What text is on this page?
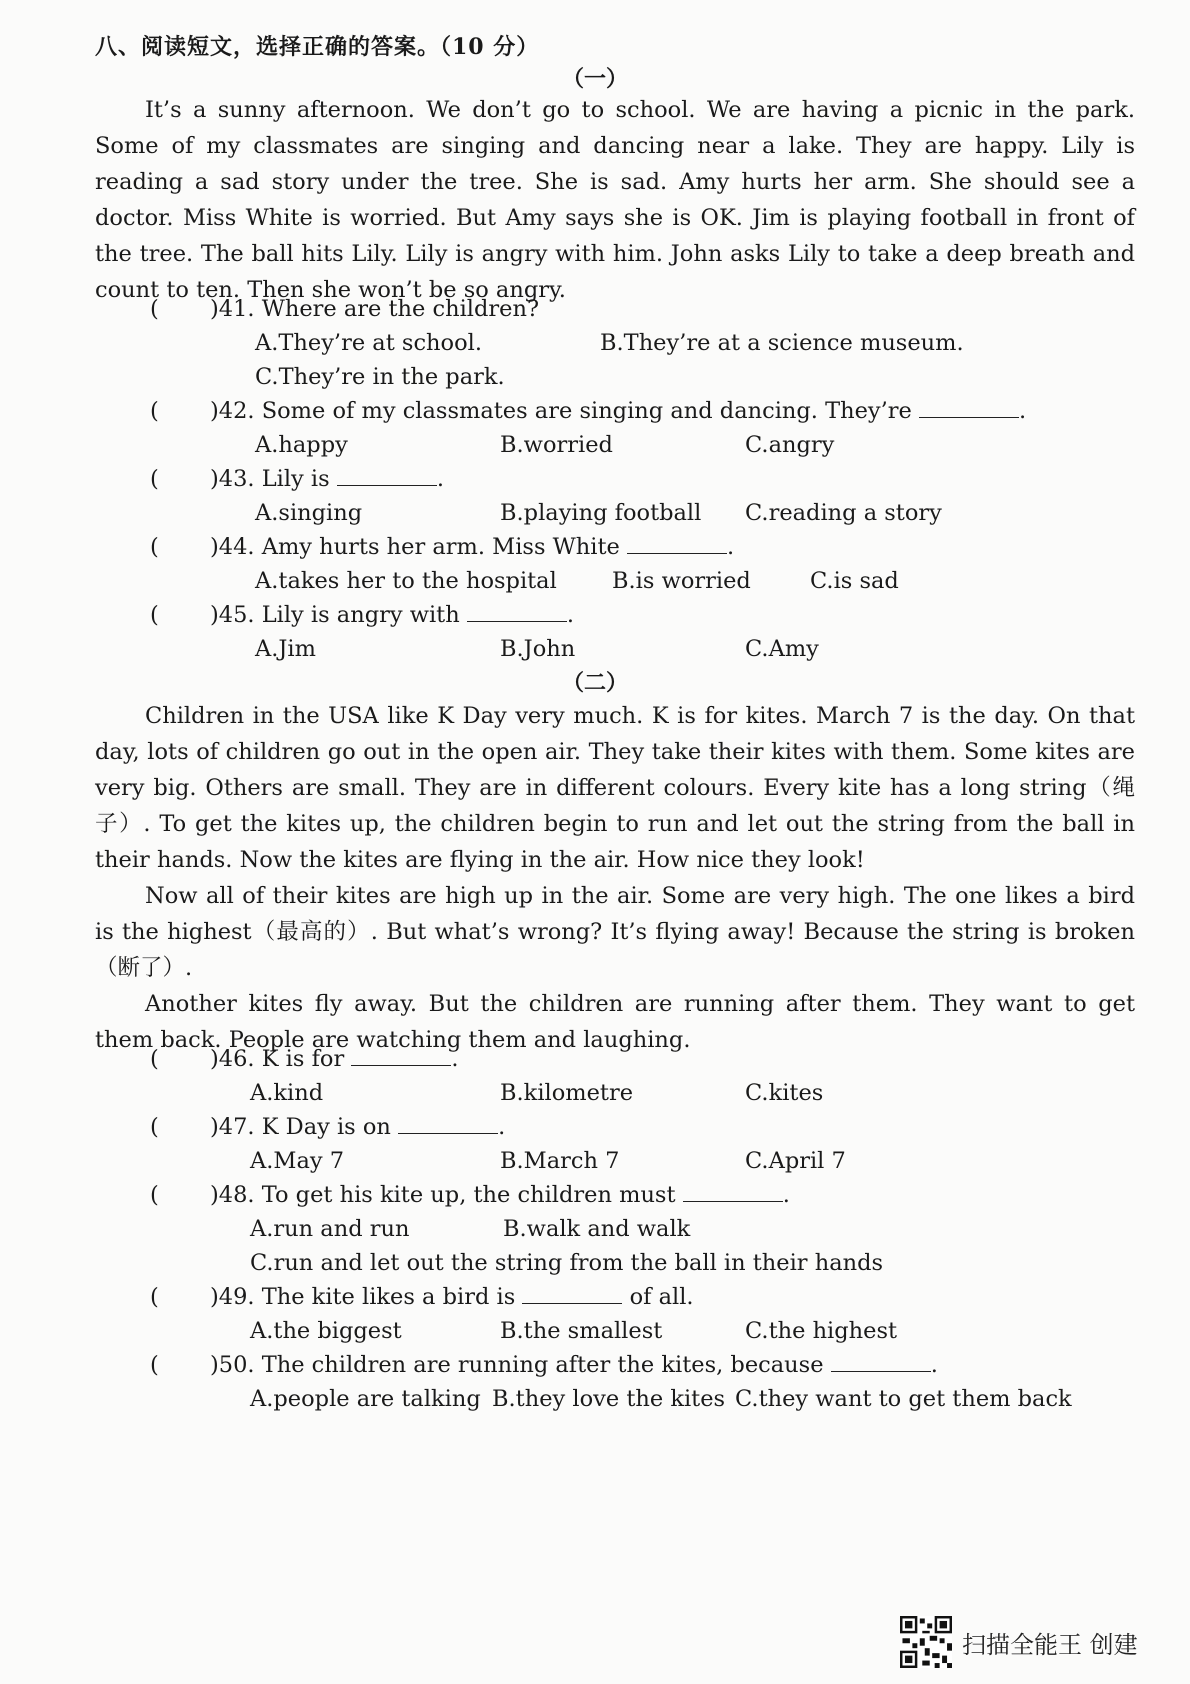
八、阅读短文，选择正确的答案。（10 分）
（一）

It’s a sunny afternoon. We don’t go to school. We are having a picnic in the park. Some of my classmates are singing and dancing near a lake. They are happy. Lily is reading a sad story under the tree. She is sad. Amy hurts her arm. She should see a doctor. Miss White is worried. But Amy says she is OK. Jim is playing football in front of the tree. The ball hits Lily. Lily is angry with him. John asks Lily to take a deep breath and count to ten. Then she won’t be so angry.

( )41. Where are the children?
A.They’re at school.	B.They’re at a science museum.
C.They’re in the park.
( )42. Some of my classmates are singing and dancing. They’re	.
A.happy	B.worried	C.angry
( )43. Lily is	.
A.singing	B.playing football C.reading a story
( )44. Amy hurts her arm. Miss White	.
A.takes her to the hospital B.is worried	C.is sad
( )45. Lily is angry with	.
A.Jim	B.John	C.Amy
（二）

Children in the USA like K Day very much. K is for kites. March 7 is the day. On that day, lots of children go out in the open air. They take their kites with them. Some kites are very big. Others are small. They are in different colours. Every kite has a long string（绳子）. To get the kites up, the children begin to run and let out the string from the ball in their hands. Now the kites are flying in the air. How nice they look!

Now all of their kites are high up in the air. Some are very high. The one likes a bird is the highest（最高的）. But what’s wrong? It’s flying away! Because the string is broken（断了）.

Another kites fly away. But the children are running after them. They want to get them back. People are watching them and laughing.

( )46. K is for	.
A.kind	B.kilometre	C.kites
( )47. K Day is on	.
A.May 7	B.March 7	C.April 7
( )48. To get his kite up, the children must	.
A.run and run	B.walk and walk
C.run and let out the string from the ball in their hands
( )49. The kite likes a bird is	of all.
A.the biggest	B.the smallest	C.the highest
( )50. The children are running after the kites, because	.
A.people are talking B.they love the kites C.they want to get them back
扫描全能王 创建
